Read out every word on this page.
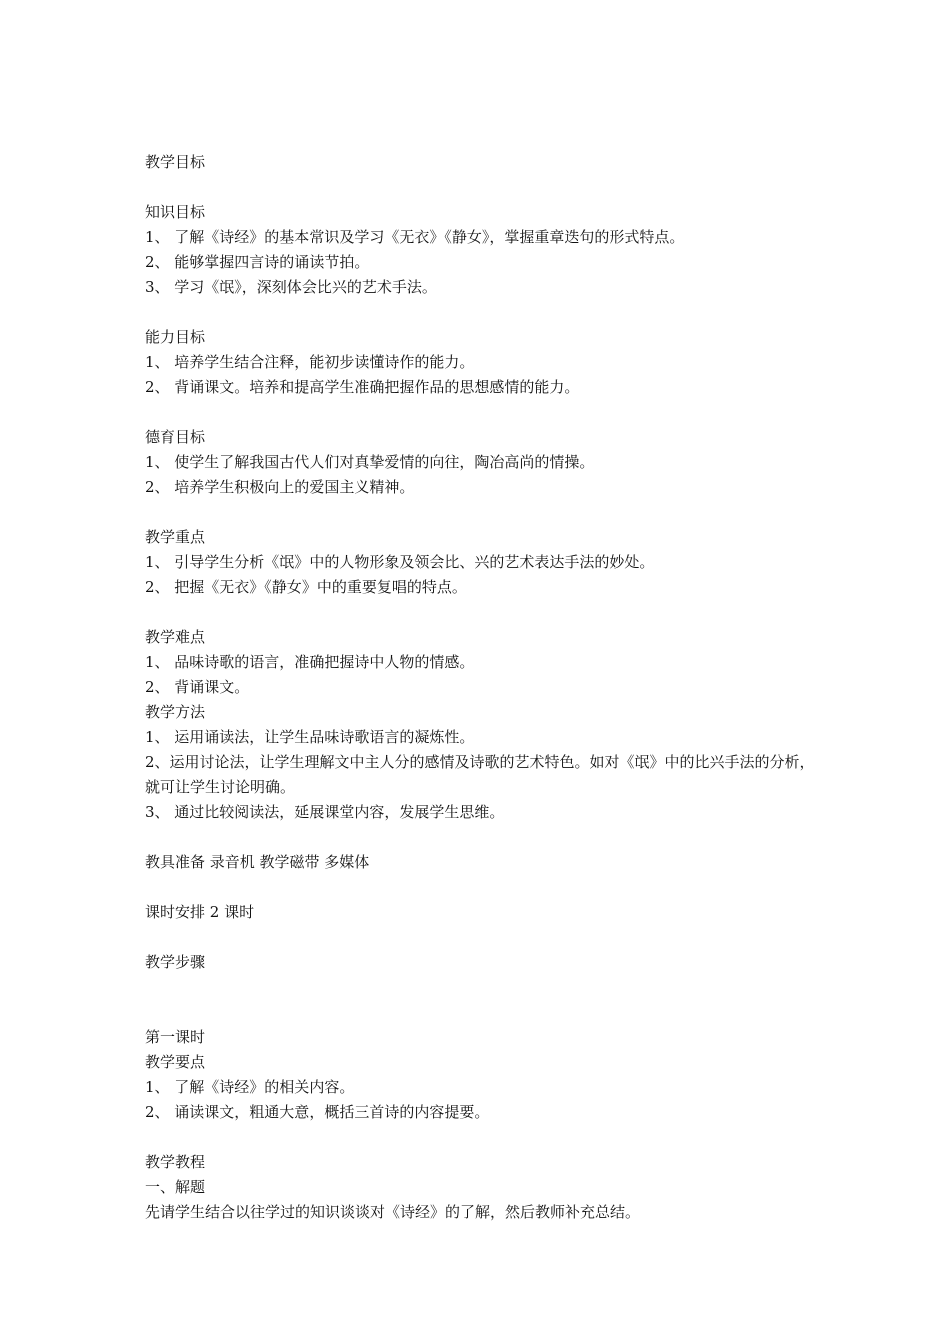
教学目标
知识目标
1、 了解《诗经》的基本常识及学习《无衣》《静女》，掌握重章迭句的形式特点。
2、 能够掌握四言诗的诵读节拍。
3、 学习《氓》，深刻体会比兴的艺术手法。
能力目标
1、 培养学生结合注释，能初步读懂诗作的能力。
2、 背诵课文。培养和提高学生准确把握作品的思想感情的能力。
德育目标
1、 使学生了解我国古代人们对真挚爱情的向往，陶冶高尚的情操。
2、 培养学生积极向上的爱国主义精神。
教学重点
1、 引导学生分析《氓》中的人物形象及领会比、兴的艺术表达手法的妙处。
2、 把握《无衣》《静女》中的重要复唱的特点。
教学难点
1、 品味诗歌的语言，准确把握诗中人物的情感。
2、 背诵课文。
教学方法
1、 运用诵读法，让学生品味诗歌语言的凝炼性。
2、运用讨论法，让学生理解文中主人分的感情及诗歌的艺术特色。如对《氓》中的比兴手法的分析，就可让学生讨论明确。
3、 通过比较阅读法，延展课堂内容，发展学生思维。
教具准备 录音机 教学磁带 多媒体
课时安排 2 课时
教学步骤
第一课时
教学要点
1、 了解《诗经》的相关内容。
2、 诵读课文，粗通大意，概括三首诗的内容提要。
教学教程
一、解题
先请学生结合以往学过的知识谈谈对《诗经》的了解，然后教师补充总结。
